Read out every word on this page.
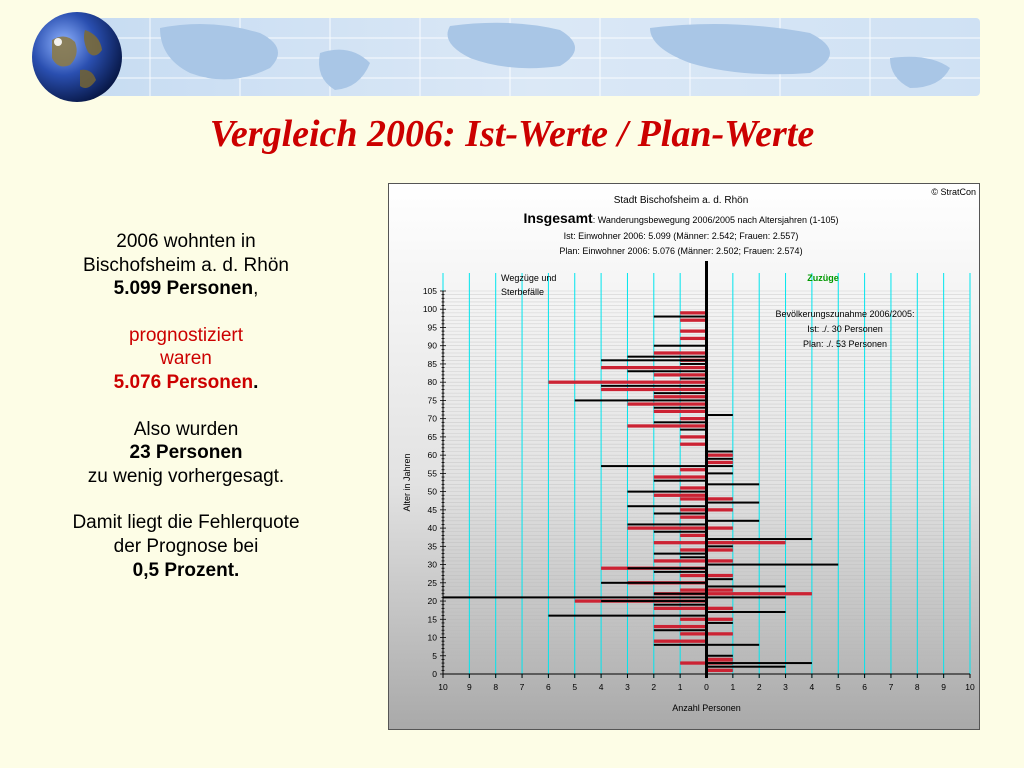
Vergleich 2006: Ist-Werte / Plan-Werte

2006 wohnten in

Bischofsheim a. d. Rhön

5.099 Personen,

prognostiziert

waren

5.076 Personen.

Also wurden

23 Personen

zu wenig vorhergesagt.

Damit liegt die Fehlerquote

der Prognose bei

0,5 Prozent.

0
5
10
15
20
25
30
35
40
45
50
55
60
65
70
75
80
85
90
95
100
105
10 9	8	7	6	5	4	3	2	1	0	1	2	3	4	5	6	7	8	9 10
Anzahl Personen
Alter in Jahren
© StratCon
Stadt Bischofsheim a. d. Rhön
Insgesamt: Wanderungsbewegung 2006/2005 nach Altersjahren (1-105)
Ist: Einwohner 2006: 5.099 (Männer: 2.542; Frauen: 2.557)
Plan: Einwohner 2006: 5.076 (Männer: 2.502; Frauen: 2.574)
Wegzüge und
Sterbefälle
Zuzüge
Bevölkerungszunahme 2006/2005:
Ist: ./. 30 Personen
Plan: ./. 53 Personen
